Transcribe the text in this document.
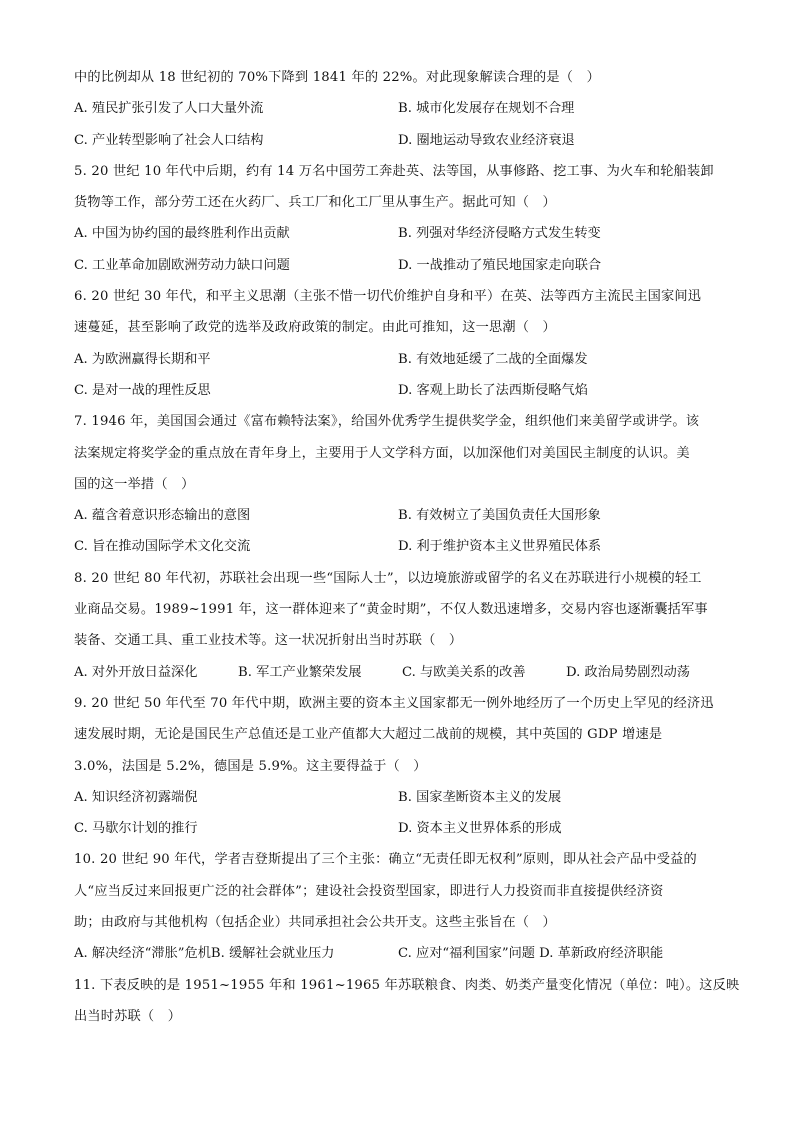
中的比例却从 18 世纪初的 70%下降到 1841 年的 22%。对此现象解读合理的是（　）
A. 殖民扩张引发了人口大量外流	B. 城市化发展存在规划不合理
C. 产业转型影响了社会人口结构	D. 圈地运动导致农业经济衰退
5. 20 世纪 10 年代中后期，约有 14 万名中国劳工奔赴英、法等国，从事修路、挖工事、为火车和轮船装卸
货物等工作，部分劳工还在火药厂、兵工厂和化工厂里从事生产。据此可知（　）
A. 中国为协约国的最终胜利作出贡献	B. 列强对华经济侵略方式发生转变
C. 工业革命加剧欧洲劳动力缺口问题	D. 一战推动了殖民地国家走向联合
6. 20 世纪 30 年代，和平主义思潮（主张不惜一切代价维护自身和平）在英、法等西方主流民主国家间迅
速蔓延，甚至影响了政党的选举及政府政策的制定。由此可推知，这一思潮（　）
A. 为欧洲赢得长期和平	B. 有效地延缓了二战的全面爆发
C. 是对一战的理性反思	D. 客观上助长了法西斯侵略气焰
7. 1946 年，美国国会通过《富布赖特法案》，给国外优秀学生提供奖学金，组织他们来美留学或讲学。该
法案规定将奖学金的重点放在青年身上，主要用于人文学科方面，以加深他们对美国民主制度的认识。美
国的这一举措（　）
A. 蕴含着意识形态输出的意图	B. 有效树立了美国负责任大国形象
C. 旨在推动国际学术文化交流	D. 利于维护资本主义世界殖民体系
8. 20 世纪 80 年代初，苏联社会出现一些“国际人士”，以边境旅游或留学的名义在苏联进行小规模的轻工
业商品交易。1989~1991 年，这一群体迎来了“黄金时期”，不仅人数迅速增多，交易内容也逐渐囊括军事
装备、交通工具、重工业技术等。这一状况折射出当时苏联（　）
A. 对外开放日益深化	B. 军工产业繁荣发展	C. 与欧美关系的改善	D. 政治局势剧烈动荡
9. 20 世纪 50 年代至 70 年代中期，欧洲主要的资本主义国家都无一例外地经历了一个历史上罕见的经济迅
速发展时期，无论是国民生产总值还是工业产值都大大超过二战前的规模，其中英国的 GDP 增速是
3.0%，法国是 5.2%，德国是 5.9%。这主要得益于（　）
A. 知识经济初露端倪	B. 国家垄断资本主义的发展
C. 马歇尔计划的推行	D. 资本主义世界体系的形成
10. 20 世纪 90 年代，学者吉登斯提出了三个主张：确立“无责任即无权利”原则，即从社会产品中受益的
人“应当反过来回报更广泛的社会群体”；建设社会投资型国家，即进行人力投资而非直接提供经济资
助；由政府与其他机构（包括企业）共同承担社会公共开支。这些主张旨在（　）
A. 解决经济“滞胀”危机B. 缓解社会就业压力	C. 应对“福利国家”问题 D. 革新政府经济职能
11. 下表反映的是 1951~1955 年和 1961~1965 年苏联粮食、肉类、奶类产量变化情况（单位：吨）。这反映
出当时苏联（　）
